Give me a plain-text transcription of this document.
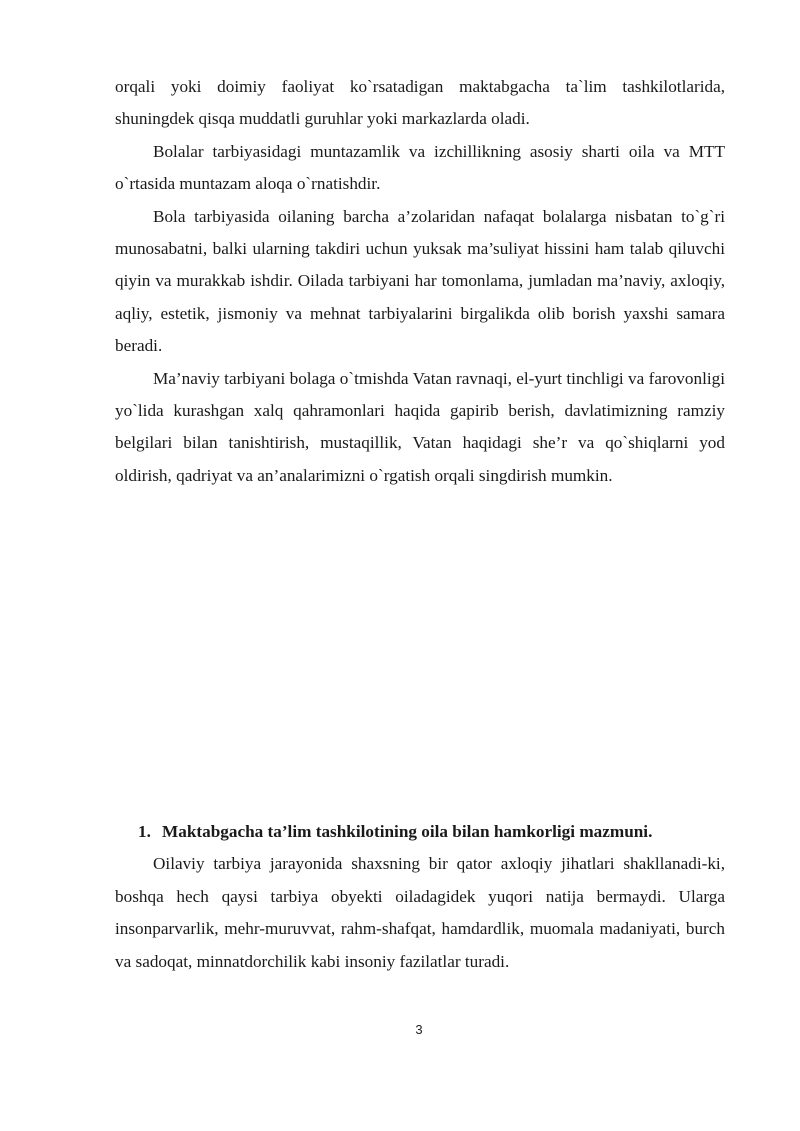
orqali yoki doimiy faoliyat ko`rsatadigan maktabgacha ta`lim tashkilotlarida, shuningdek qisqa muddatli guruhlar yoki markazlarda oladi.

Bolalar tarbiyasidagi muntazamlik va izchillikning asosiy sharti oila va MTT o`rtasida muntazam aloqa o`rnatishdir.

Bola tarbiyasida oilaning barcha a’zolaridan nafaqat bolalarga nisbatan to`g`ri munosabatni, balki ularning takdiri uchun yuksak ma’suliyat hissini ham talab qiluvchi qiyin va murakkab ishdir. Oilada tarbiyani har tomonlama, jumladan ma’naviy, axloqiy, aqliy, estetik, jismoniy va mehnat tarbiyalarini birgalikda olib borish yaxshi samara beradi.

Ma’naviy tarbiyani bolaga o`tmishda Vatan ravnaqi, el-yurt tinchligi va farovonligi yo`lida kurashgan xalq qahramonlari haqida gapirib berish, davlatimizning ramziy belgilari bilan tanishtirish, mustaqillik, Vatan haqidagi she’r va qo`shiqlarni yod oldirish, qadriyat va an’analarimizni o`rgatish orqali singdirish mumkin.

1. Maktabgacha ta’lim tashkilotining oila bilan hamkorligi mazmuni.

Oilaviy tarbiya jarayonida shaxsning bir qator axloqiy jihatlari shakllanadi-ki, boshqa hech qaysi tarbiya obyekti oiladagidek yuqori natija bermaydi. Ularga insonparvarlik, mehr-muruvvat, rahm-shafqat, hamdardlik, muomala madaniyati, burch va sadoqat, minnatdorchilik kabi insoniy fazilatlar turadi.

3
